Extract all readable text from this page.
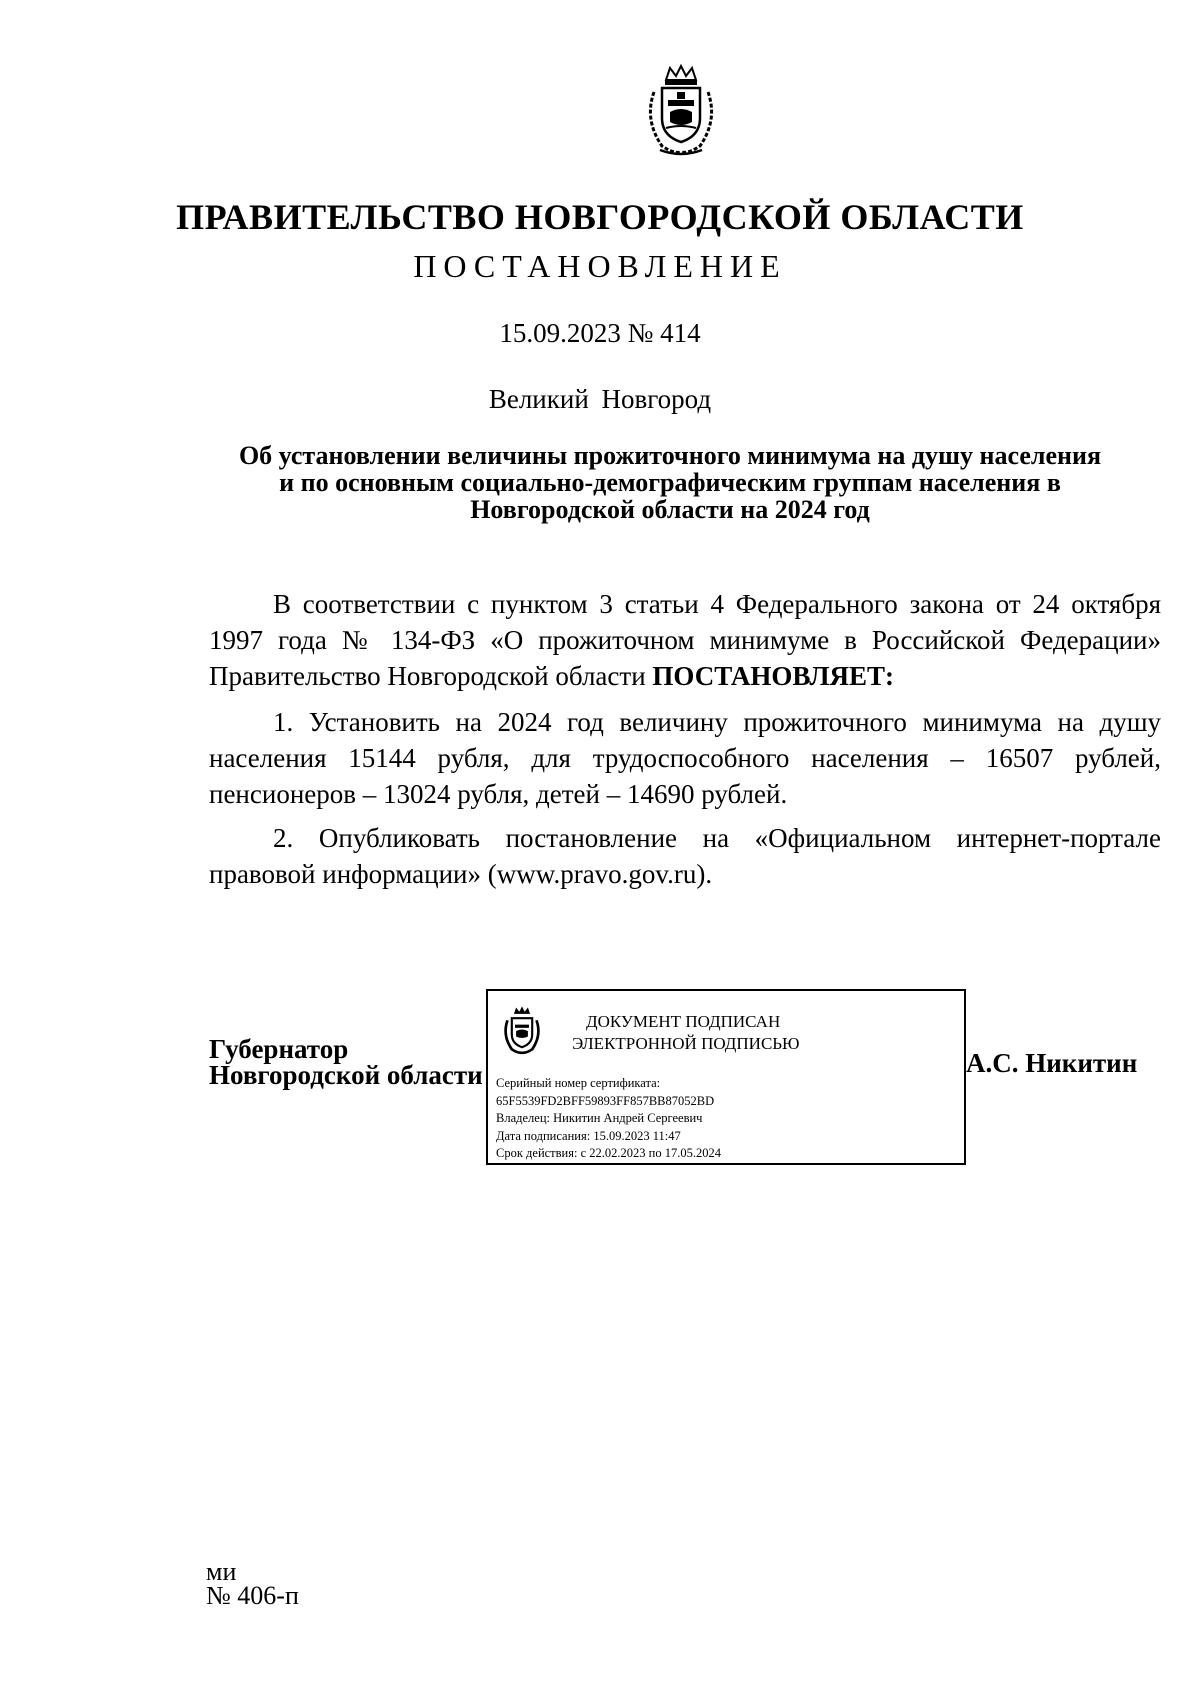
ПРАВИТЕЛЬСТВО НОВГОРОДСКОЙ ОБЛАСТИ
ПОСТАНОВЛЕНИЕ
15.09.2023 № 414
Великий Новгород
Об установлении величины прожиточного минимума на душу населения
и по основным социально-демографическим группам населения в
Новгородской области на 2024 год
В соответствии с пунктом 3 статьи 4 Федерального закона от 24 октября 1997 года № 134-ФЗ «О прожиточном минимуме в Российской Федерации» Правительство Новгородской области ПОСТАНОВЛЯЕТ:
1. Установить на 2024 год величину прожиточного минимума на душу населения 15144 рубля, для трудоспособного населения – 16507 рублей, пенсионеров – 13024 рубля, детей – 14690 рублей.
2. Опубликовать постановление на «Официальном интернет-портале правовой информации» (www.pravo.gov.ru).
Губернатор
Новгородской области
ДОКУМЕНТ ПОДПИСАН
ЭЛЕКТРОННОЙ ПОДПИСЬЮ
Серийный номер сертификата:
65F5539FD2BFF59893FF857BB87052BD
Владелец: Никитин Андрей Сергеевич
Дата подписания: 15.09.2023 11:47
Срок действия: с 22.02.2023 по 17.05.2024
А.С. Никитин
ми
№ 406-п
